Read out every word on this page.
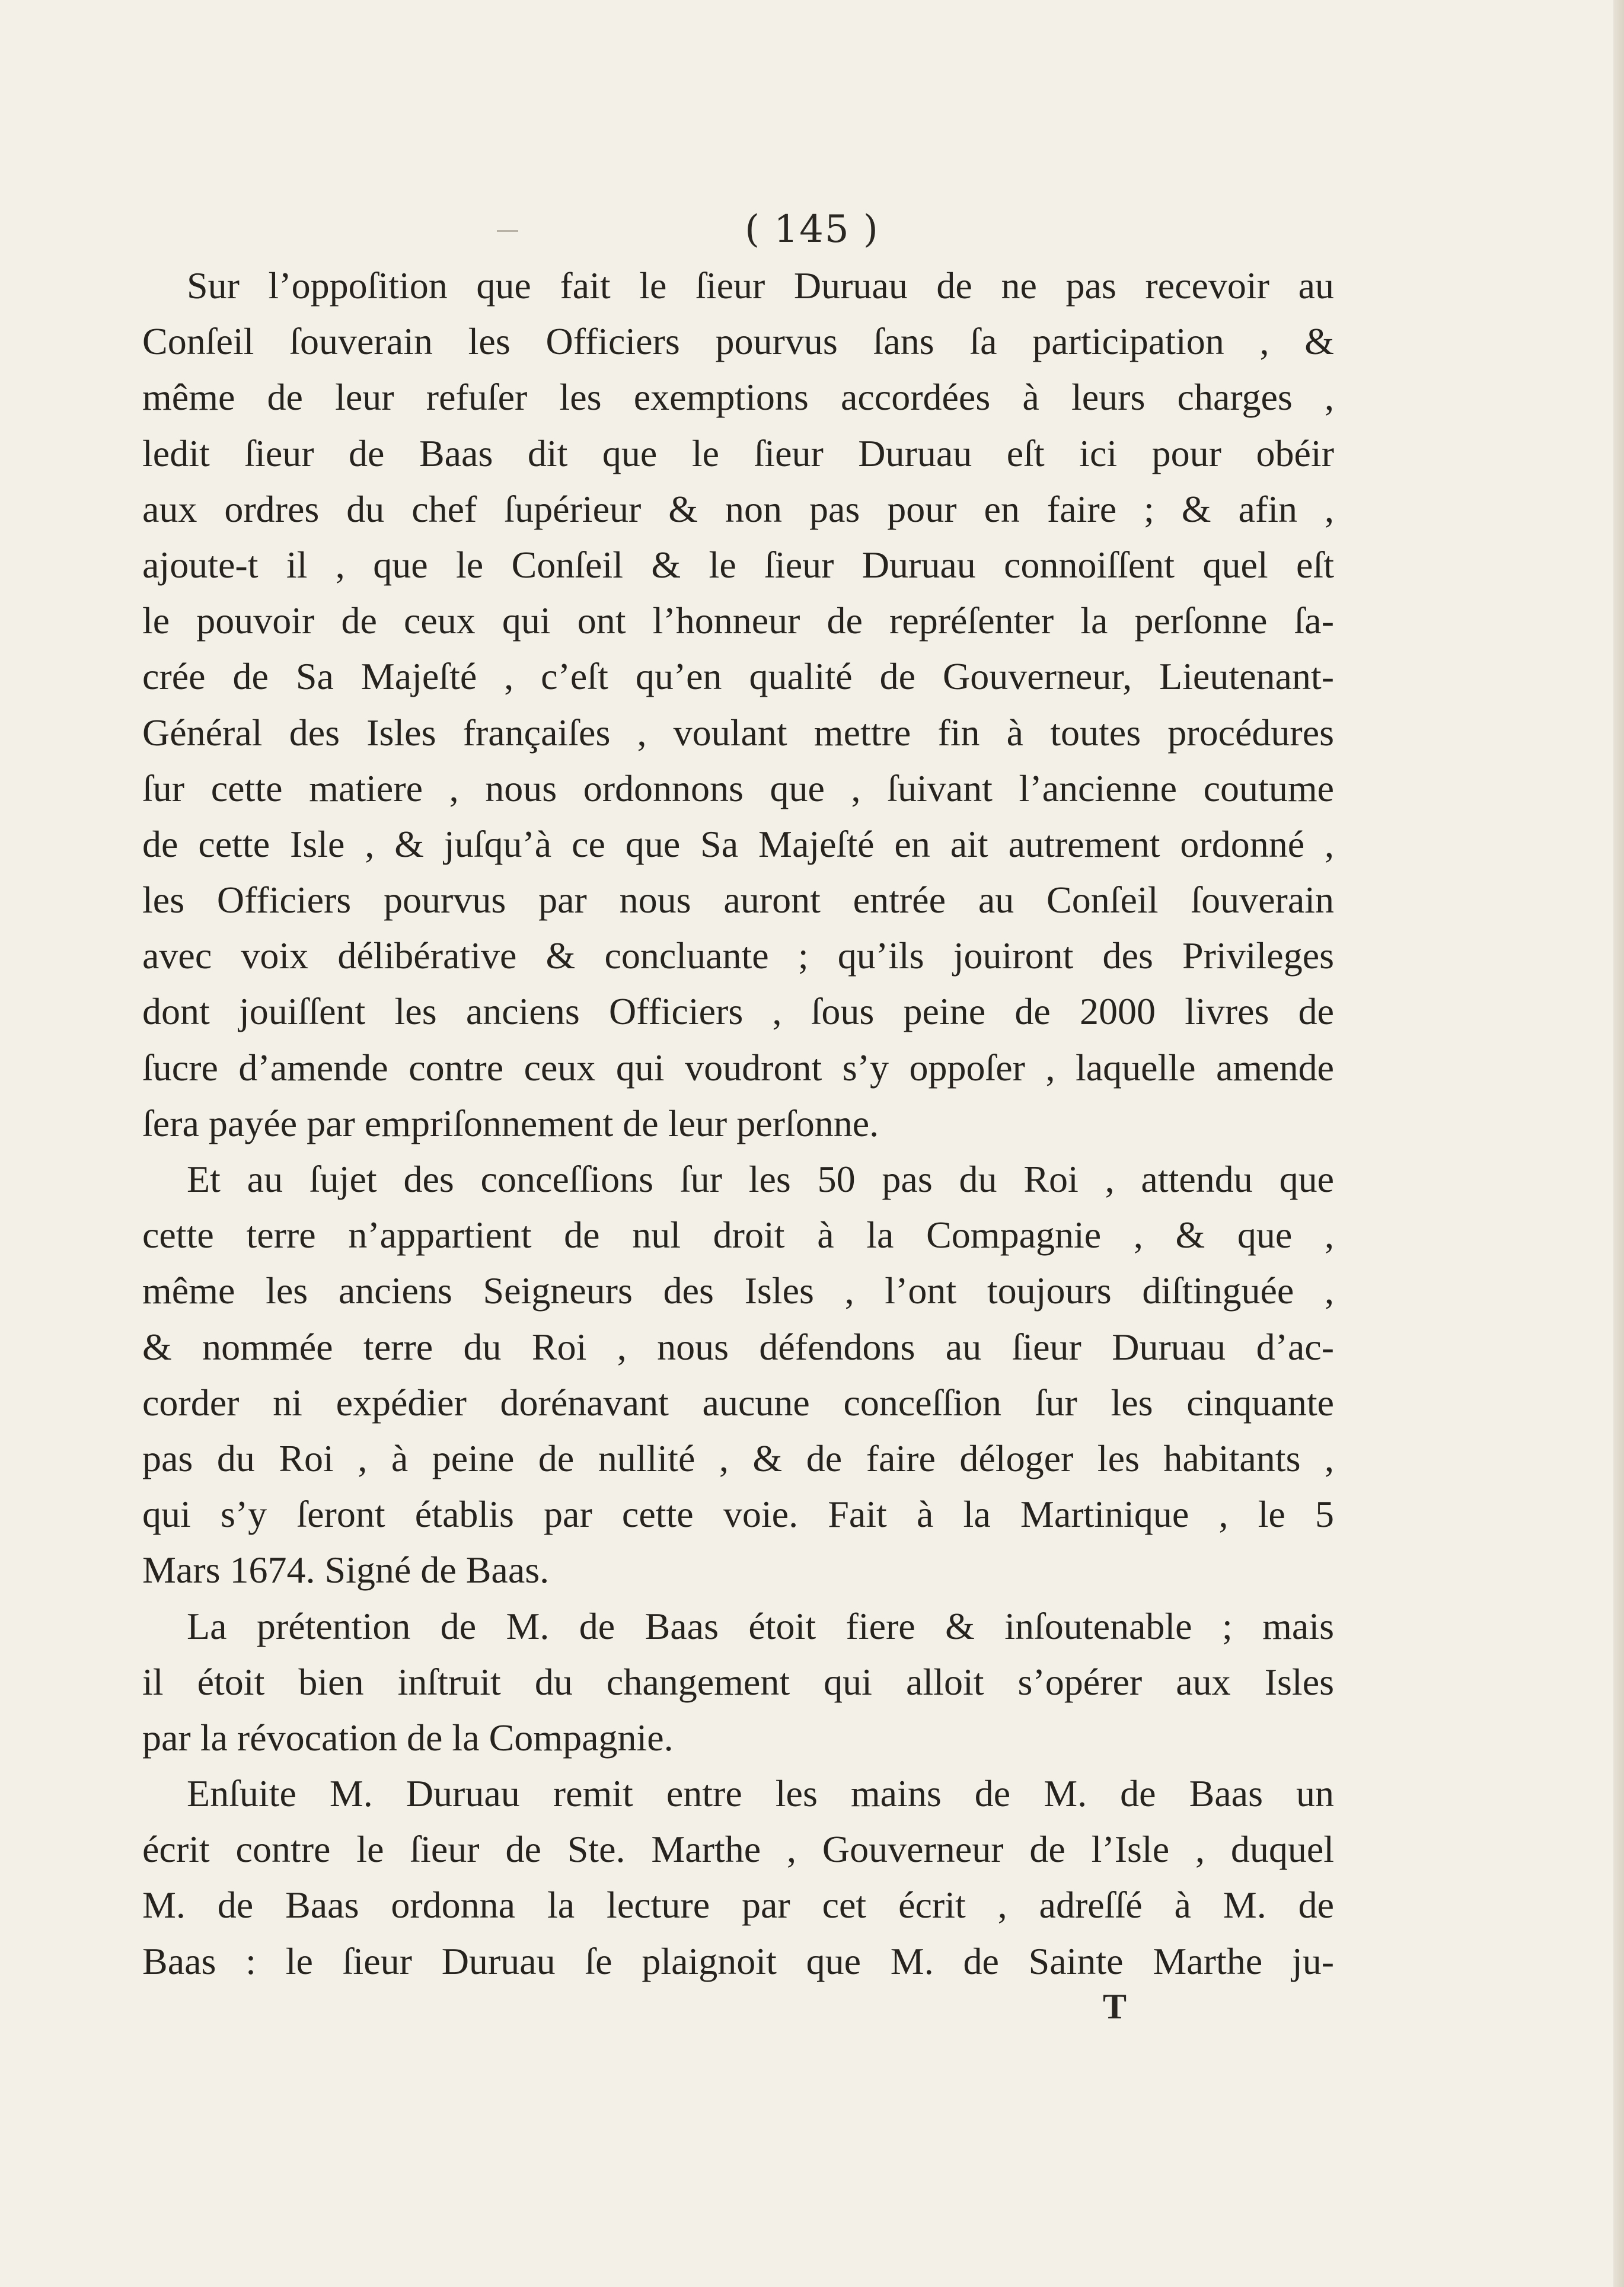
( 145 )
Sur l’oppoſition que fait le ſieur Duruau de ne pas recevoir au
Conſeil ſouverain les Officiers pourvus ſans ſa participation , &
même de leur refuſer les exemptions accordées à leurs charges ,
ledit ſieur de Baas dit que le ſieur Duruau eſt ici pour obéir
aux ordres du chef ſupérieur & non pas pour en faire ; & afin ,
ajoute-t il , que le Conſeil & le ſieur Duruau connoiſſent quel eſt
le pouvoir de ceux qui ont l’honneur de repréſenter la perſonne ſa-
crée de Sa Majeſté , c’eſt qu’en qualité de Gouverneur, Lieutenant-
Général des Isles françaiſes , voulant mettre fin à toutes procédures
ſur cette matiere , nous ordonnons que , ſuivant l’ancienne coutume
de cette Isle , & juſqu’à ce que Sa Majeſté en ait autrement ordonné ,
les Officiers pourvus par nous auront entrée au Conſeil ſouverain
avec voix délibérative & concluante ; qu’ils jouiront des Privileges
dont jouiſſent les anciens Officiers , ſous peine de 2000 livres de
ſucre d’amende contre ceux qui voudront s’y oppoſer , laquelle amende
ſera payée par empriſonnement de leur perſonne.
Et au ſujet des conceſſions ſur les 50 pas du Roi , attendu que
cette terre n’appartient de nul droit à la Compagnie , & que ,
même les anciens Seigneurs des Isles , l’ont toujours diſtinguée ,
& nommée terre du Roi , nous défendons au ſieur Duruau d’ac-
corder ni expédier dorénavant aucune conceſſion ſur les cinquante
pas du Roi , à peine de nullité , & de faire déloger les habitants ,
qui s’y ſeront établis par cette voie. Fait à la Martinique , le 5
Mars 1674. Signé de Baas.
La prétention de M. de Baas étoit fiere & inſoutenable ; mais
il étoit bien inſtruit du changement qui alloit s’opérer aux Isles
par la révocation de la Compagnie.
Enſuite M. Duruau remit entre les mains de M. de Baas un
écrit contre le ſieur de Ste. Marthe , Gouverneur de l’Isle , duquel
M. de Baas ordonna la lecture par cet écrit , adreſſé à M. de
Baas : le ſieur Duruau ſe plaignoit que M. de Sainte Marthe ju-
T
